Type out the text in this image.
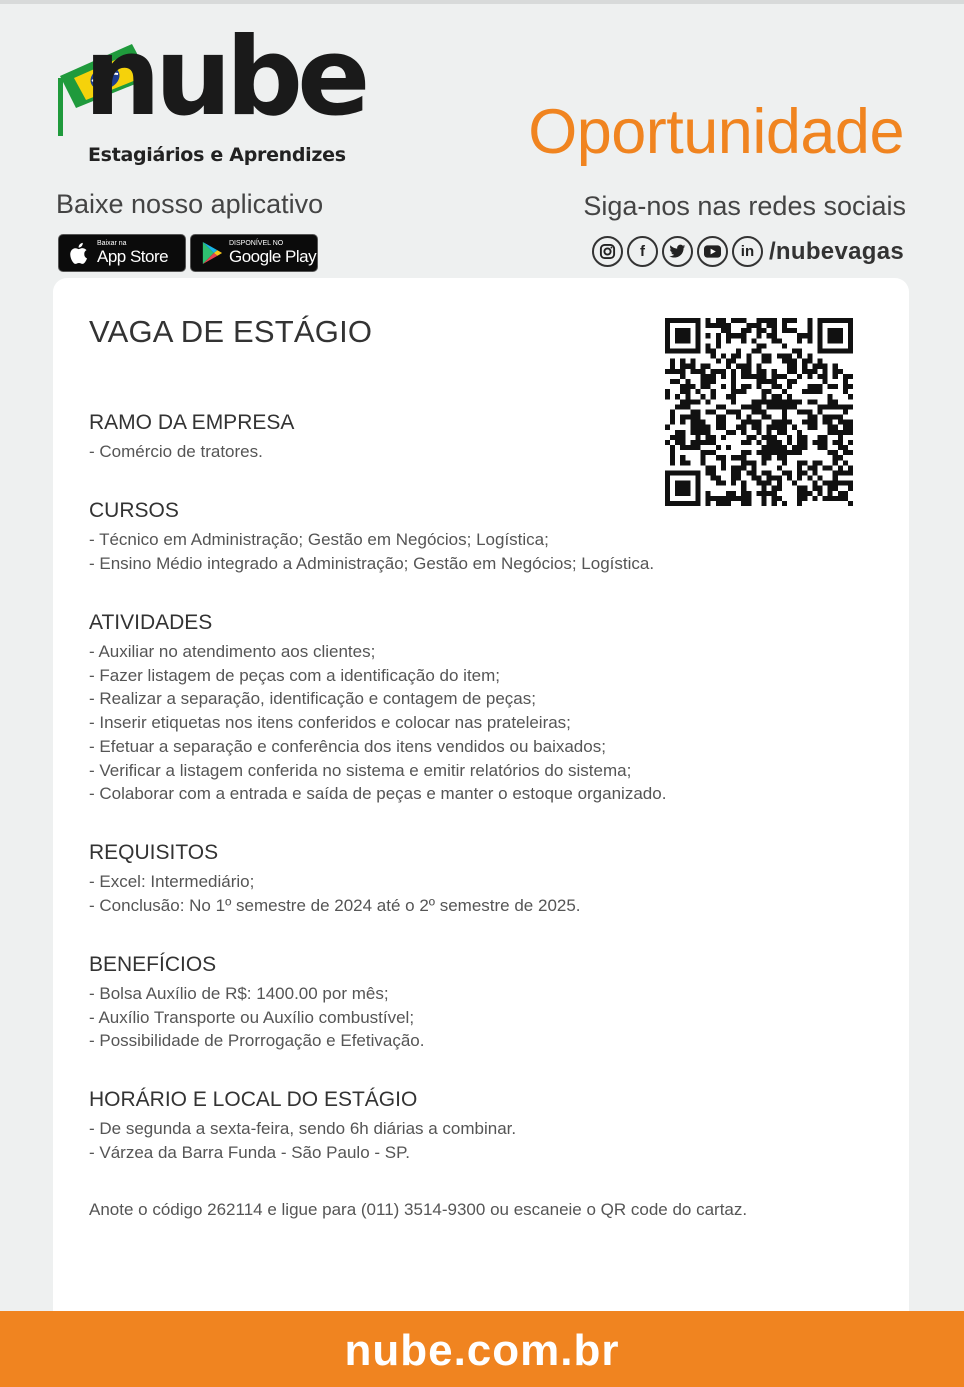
nube
Estagiários e Aprendizes	Oportunidade
Baixe nosso aplicativo	Siga-nos nas redes sociais
Baixar na
App Store
DISPONÍVEL NO
Google Play	f	in /nubevagas
VAGA DE ESTÁGIO
RAMO DA EMPRESA
- Comércio de tratores.
CURSOS
- Técnico em Administração; Gestão em Negócios; Logística;
- Ensino Médio integrado a Administração; Gestão em Negócios; Logística.
ATIVIDADES
- Auxiliar no atendimento aos clientes;
- Fazer listagem de peças com a identificação do item;
- Realizar a separação, identificação e contagem de peças;
- Inserir etiquetas nos itens conferidos e colocar nas prateleiras;
- Efetuar a separação e conferência dos itens vendidos ou baixados;
- Verificar a listagem conferida no sistema e emitir relatórios do sistema;
- Colaborar com a entrada e saída de peças e manter o estoque organizado.
REQUISITOS
- Excel: Intermediário;
- Conclusão: No 1º semestre de 2024 até o 2º semestre de 2025.
BENEFÍCIOS
- Bolsa Auxílio de R$: 1400.00 por mês;
- Auxílio Transporte ou Auxílio combustível;
- Possibilidade de Prorrogação e Efetivação.
HORÁRIO E LOCAL DO ESTÁGIO
- De segunda a sexta-feira, sendo 6h diárias a combinar.
- Várzea da Barra Funda - São Paulo - SP.
Anote o código 262114 e ligue para (011) 3514-9300 ou escaneie o QR code do cartaz.
nube.com.br
